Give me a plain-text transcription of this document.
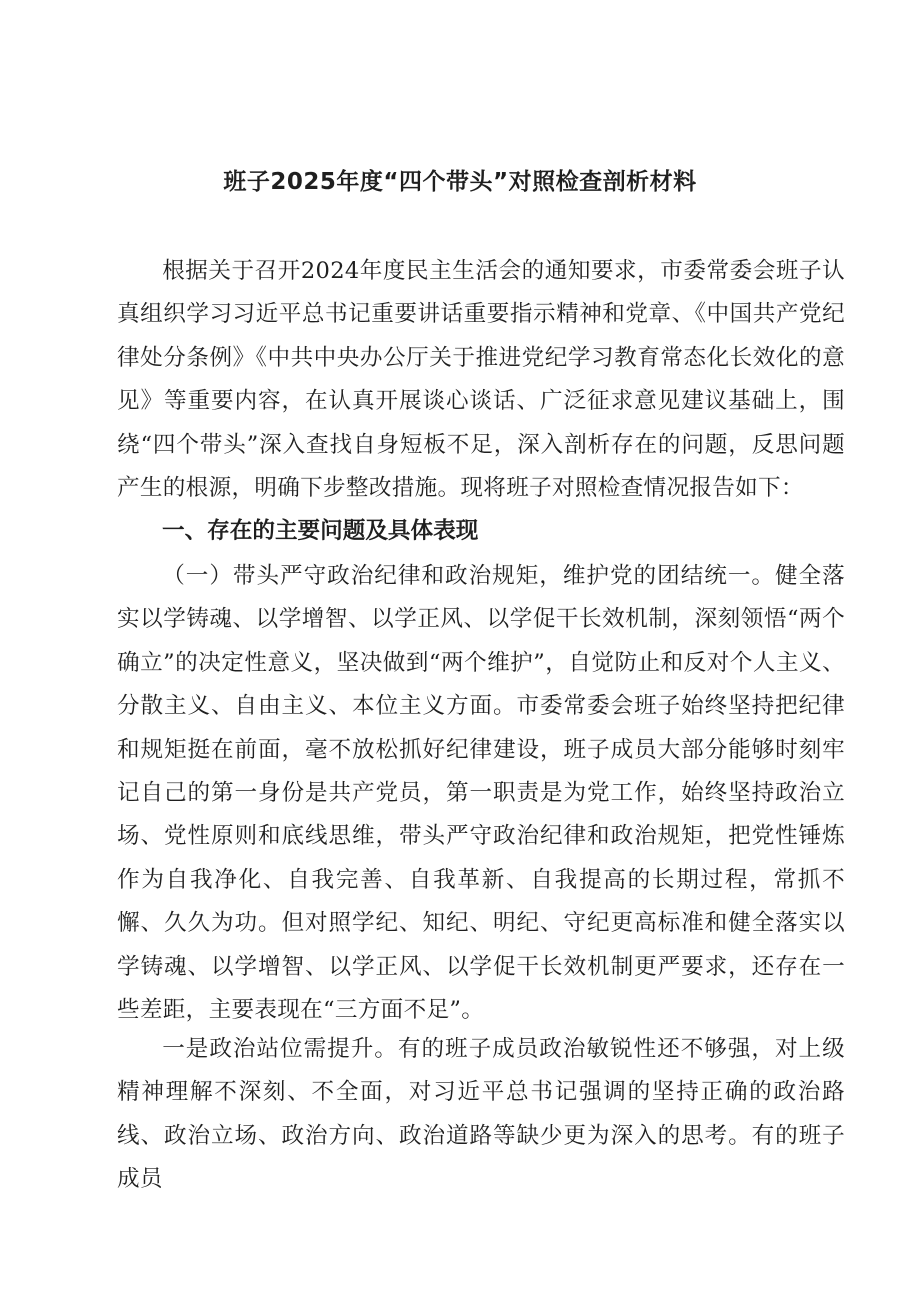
班子2025年度“四个带头”对照检查剖析材料

根据关于召开2024年度民主生活会的通知要求，市委常委会班子认真组织学习习近平总书记重要讲话重要指示精神和党章、《中国共产党纪律处分条例》《中共中央办公厅关于推进党纪学习教育常态化长效化的意见》等重要内容，在认真开展谈心谈话、广泛征求意见建议基础上，围绕“四个带头”深入查找自身短板不足，深入剖析存在的问题，反思问题产生的根源，明确下步整改措施。现将班子对照检查情况报告如下：

一、存在的主要问题及具体表现

（一）带头严守政治纪律和政治规矩，维护党的团结统一。健全落实以学铸魂、以学增智、以学正风、以学促干长效机制，深刻领悟“两个确立”的决定性意义，坚决做到“两个维护”，自觉防止和反对个人主义、分散主义、自由主义、本位主义方面。市委常委会班子始终坚持把纪律和规矩挺在前面，毫不放松抓好纪律建设，班子成员大部分能够时刻牢记自己的第一身份是共产党员，第一职责是为党工作，始终坚持政治立场、党性原则和底线思维，带头严守政治纪律和政治规矩，把党性锤炼作为自我净化、自我完善、自我革新、自我提高的长期过程，常抓不懈、久久为功。但对照学纪、知纪、明纪、守纪更高标准和健全落实以学铸魂、以学增智、以学正风、以学促干长效机制更严要求，还存在一些差距，主要表现在“三方面不足”。

一是政治站位需提升。有的班子成员政治敏锐性还不够强，对上级精神理解不深刻、不全面，对习近平总书记强调的坚持正确的政治路线、政治立场、政治方向、政治道路等缺少更为深入的思考。有的班子成员
